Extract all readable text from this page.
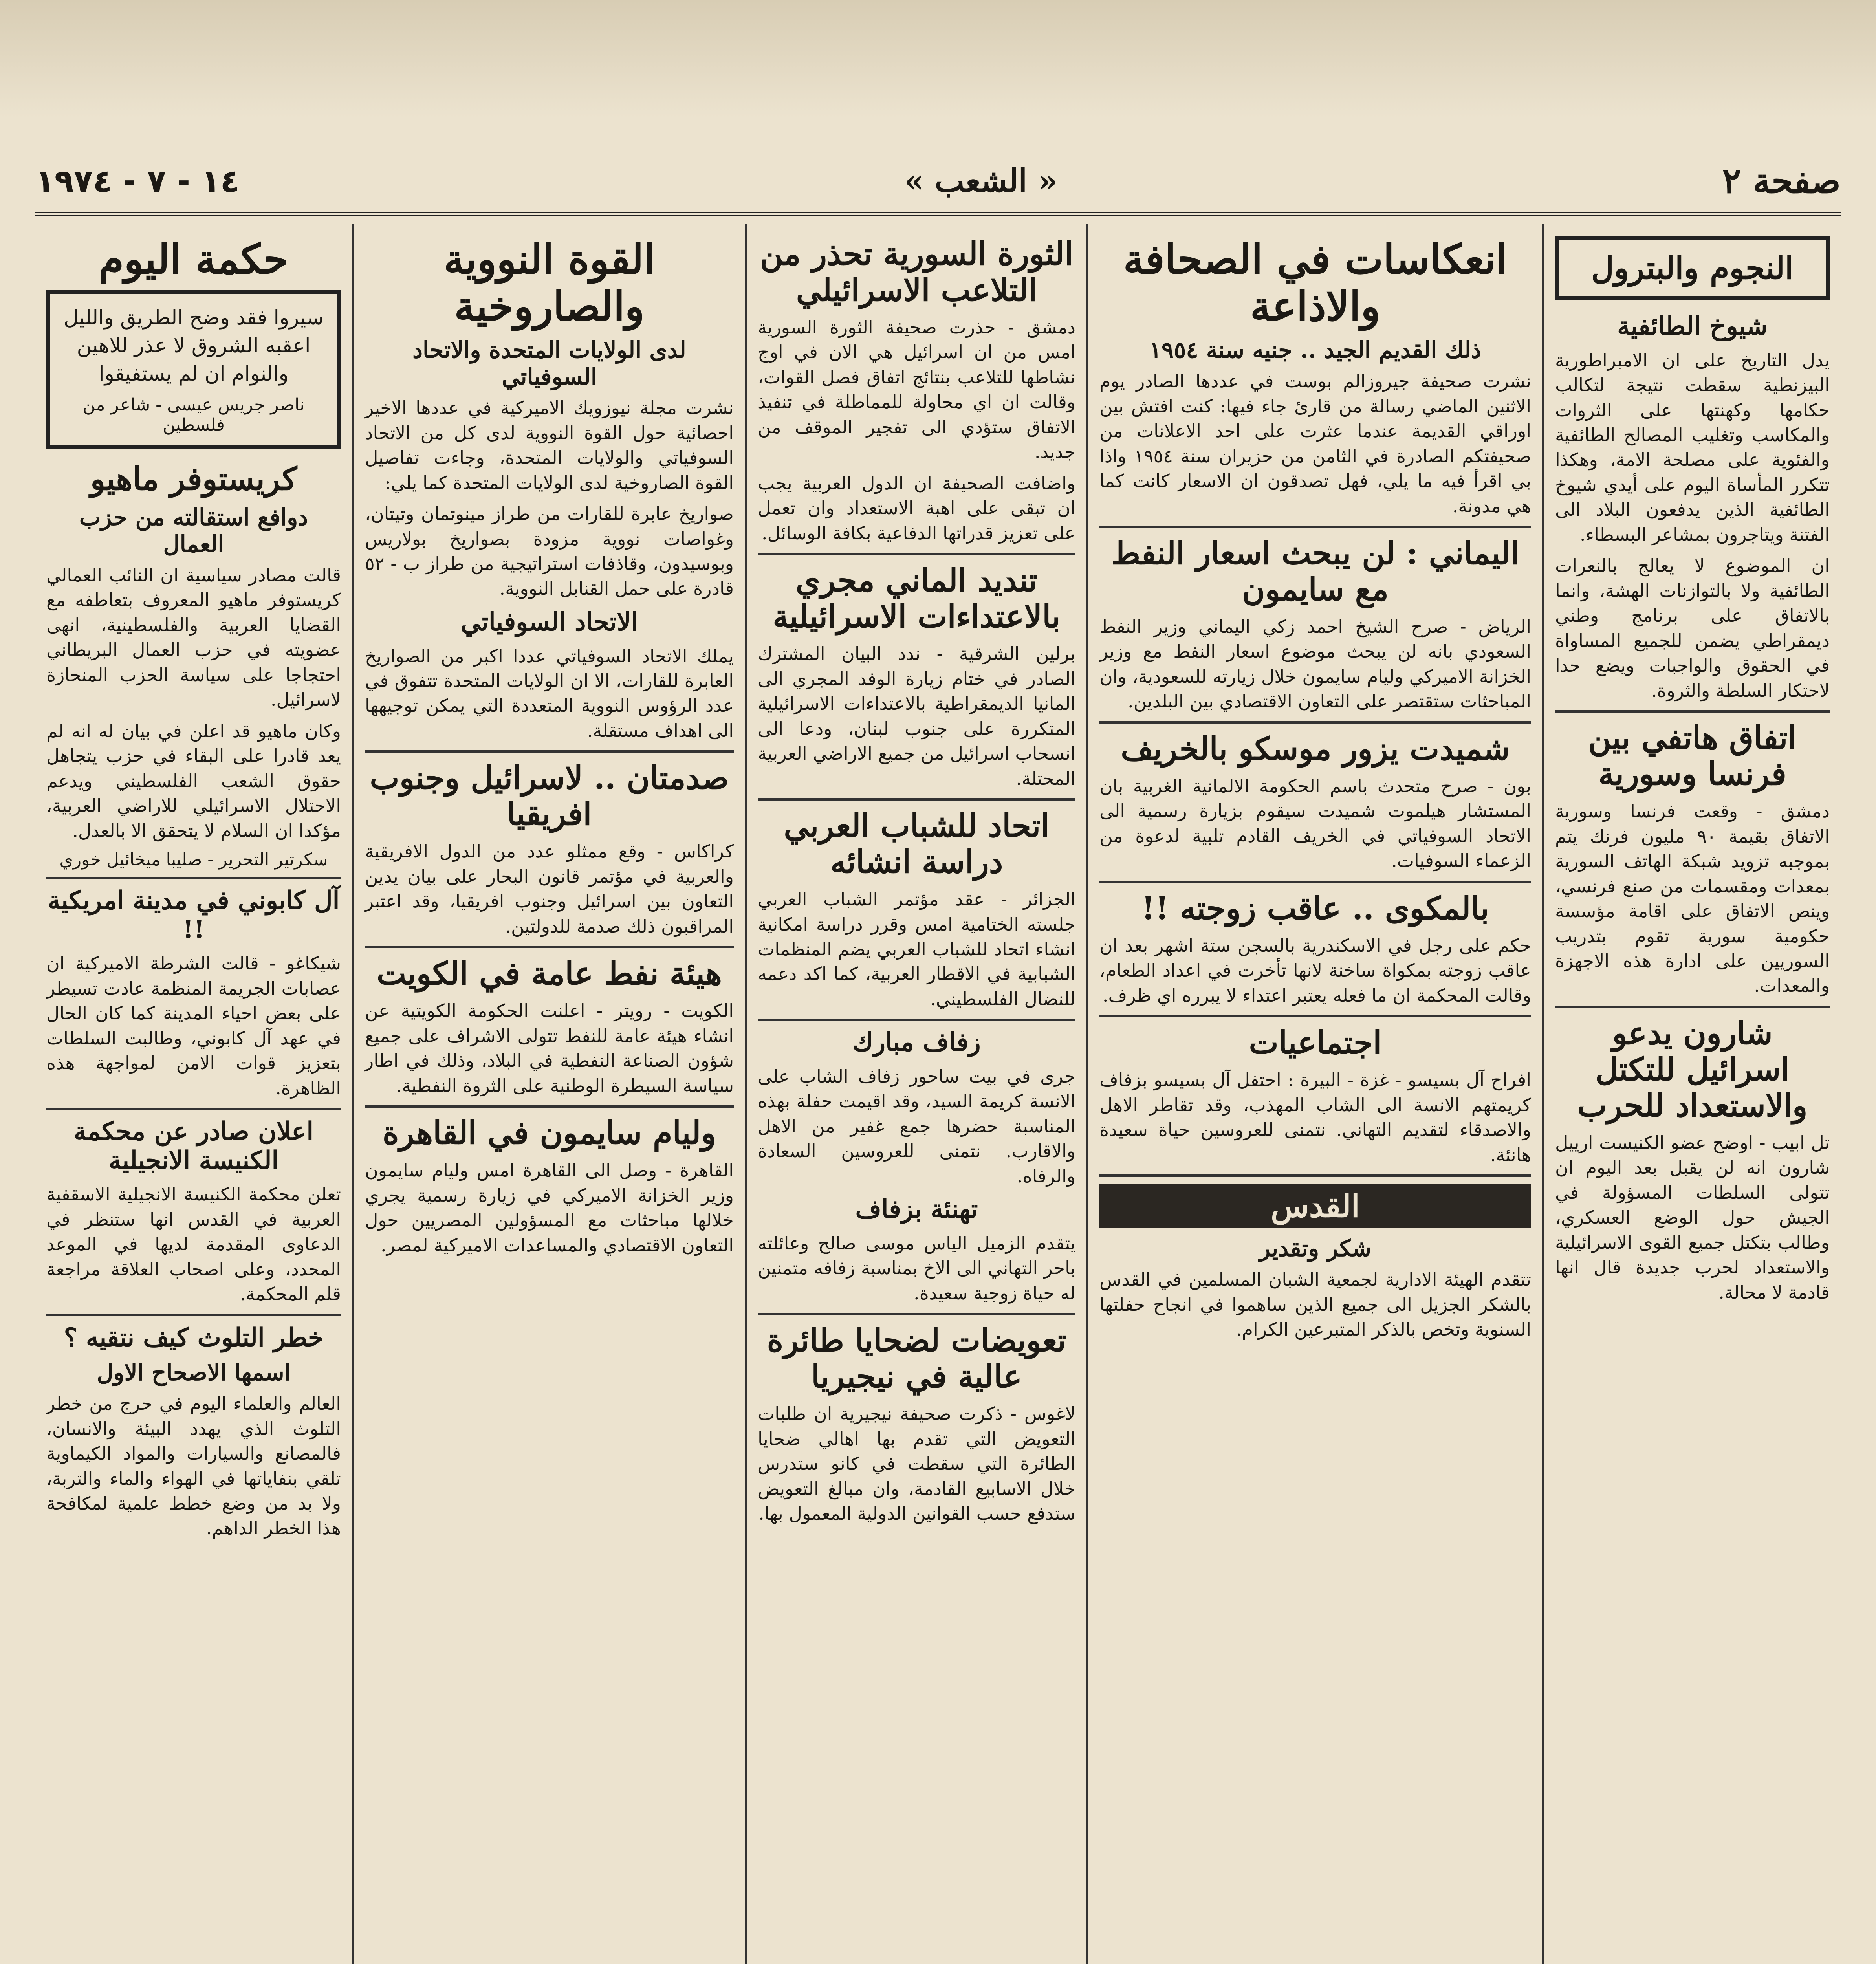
صفحة ٢
« الشعب »
١٤ - ٧ - ١٩٧٤
النجوم والبترول
شيوخ الطائفية

يدل التاريخ على ان الامبراطورية البيزنطية سقطت نتيجة لتكالب حكامها وكهنتها على الثروات والمكاسب وتغليب المصالح الطائفية والفئوية على مصلحة الامة، وهكذا تتكرر المأساة اليوم على أيدي شيوخ الطائفية الذين يدفعون البلاد الى الفتنة ويتاجرون بمشاعر البسطاء.

ان الموضوع لا يعالج بالنعرات الطائفية ولا بالتوازنات الهشة، وانما بالاتفاق على برنامج وطني ديمقراطي يضمن للجميع المساواة في الحقوق والواجبات ويضع حدا لاحتكار السلطة والثروة.

اتفاق هاتفي بين فرنسا وسورية

دمشق - وقعت فرنسا وسورية الاتفاق بقيمة ٩٠ مليون فرنك يتم بموجبه تزويد شبكة الهاتف السورية بمعدات ومقسمات من صنع فرنسي، وينص الاتفاق على اقامة مؤسسة حكومية سورية تقوم بتدريب السوريين على ادارة هذه الاجهزة والمعدات.

شارون يدعو اسرائيل للتكتل والاستعداد للحرب

تل ابيب - اوضح عضو الكنيست ارييل شارون انه لن يقبل بعد اليوم ان تتولى السلطات المسؤولة في الجيش حول الوضع العسكري، وطالب بتكتل جميع القوى الاسرائيلية والاستعداد لحرب جديدة قال انها قادمة لا محالة.

انعكاسات في الصحافة والاذاعة
ذلك القديم الجيد .. جنيه سنة ١٩٥٤

نشرت صحيفة جيروزالم بوست في عددها الصادر يوم الاثنين الماضي رسالة من قارئ جاء فيها: كنت افتش بين اوراقي القديمة عندما عثرت على احد الاعلانات من صحيفتكم الصادرة في الثامن من حزيران سنة ١٩٥٤ واذا بي اقرأ فيه ما يلي، فهل تصدقون ان الاسعار كانت كما هي مدونة.

اليماني : لن يبحث اسعار النفط مع سايمون

الرياض - صرح الشيخ احمد زكي اليماني وزير النفط السعودي بانه لن يبحث موضوع اسعار النفط مع وزير الخزانة الاميركي وليام سايمون خلال زيارته للسعودية، وان المباحثات ستقتصر على التعاون الاقتصادي بين البلدين.

شميدت يزور موسكو بالخريف

بون - صرح متحدث باسم الحكومة الالمانية الغربية بان المستشار هيلموت شميدت سيقوم بزيارة رسمية الى الاتحاد السوفياتي في الخريف القادم تلبية لدعوة من الزعماء السوفيات.

بالمكوى .. عاقب زوجته !!

حكم على رجل في الاسكندرية بالسجن ستة اشهر بعد ان عاقب زوجته بمكواة ساخنة لانها تأخرت في اعداد الطعام، وقالت المحكمة ان ما فعله يعتبر اعتداء لا يبرره اي ظرف.

اجتماعيات

افراح آل بسيسو - غزة - البيرة : احتفل آل بسيسو بزفاف كريمتهم الانسة الى الشاب المهذب، وقد تقاطر الاهل والاصدقاء لتقديم التهاني. نتمنى للعروسين حياة سعيدة هانئة.

القدس
شكر وتقدير

تتقدم الهيئة الادارية لجمعية الشبان المسلمين في القدس بالشكر الجزيل الى جميع الذين ساهموا في انجاح حفلتها السنوية وتخص بالذكر المتبرعين الكرام.

الثورة السورية تحذر من التلاعب الاسرائيلي

دمشق - حذرت صحيفة الثورة السورية امس من ان اسرائيل هي الان في اوج نشاطها للتلاعب بنتائج اتفاق فصل القوات، وقالت ان اي محاولة للمماطلة في تنفيذ الاتفاق ستؤدي الى تفجير الموقف من جديد.

واضافت الصحيفة ان الدول العربية يجب ان تبقى على اهبة الاستعداد وان تعمل على تعزيز قدراتها الدفاعية بكافة الوسائل.

تنديد الماني مجري بالاعتداءات الاسرائيلية

برلين الشرقية - ندد البيان المشترك الصادر في ختام زيارة الوفد المجري الى المانيا الديمقراطية بالاعتداءات الاسرائيلية المتكررة على جنوب لبنان، ودعا الى انسحاب اسرائيل من جميع الاراضي العربية المحتلة.

اتحاد للشباب العربي دراسة انشائه

الجزائر - عقد مؤتمر الشباب العربي جلسته الختامية امس وقرر دراسة امكانية انشاء اتحاد للشباب العربي يضم المنظمات الشبابية في الاقطار العربية، كما اكد دعمه للنضال الفلسطيني.

زفاف مبارك

جرى في بيت ساحور زفاف الشاب على الانسة كريمة السيد، وقد اقيمت حفلة بهذه المناسبة حضرها جمع غفير من الاهل والاقارب. نتمنى للعروسين السعادة والرفاه.

تهنئة بزفاف

يتقدم الزميل الياس موسى صالح وعائلته باحر التهاني الى الاخ بمناسبة زفافه متمنين له حياة زوجية سعيدة.

تعويضات لضحايا طائرة عالية في نيجيريا

لاغوس - ذكرت صحيفة نيجيرية ان طلبات التعويض التي تقدم بها اهالي ضحايا الطائرة التي سقطت في كانو ستدرس خلال الاسابيع القادمة، وان مبالغ التعويض ستدفع حسب القوانين الدولية المعمول بها.

القوة النووية والصاروخية
لدى الولايات المتحدة والاتحاد السوفياتي

نشرت مجلة نيوزويك الاميركية في عددها الاخير احصائية حول القوة النووية لدى كل من الاتحاد السوفياتي والولايات المتحدة، وجاءت تفاصيل القوة الصاروخية لدى الولايات المتحدة كما يلي:

صواريخ عابرة للقارات من طراز مينوتمان وتيتان، وغواصات نووية مزودة بصواريخ بولاريس وبوسيدون، وقاذفات استراتيجية من طراز ب - ٥٢ قادرة على حمل القنابل النووية.

الاتحاد السوفياتي

يملك الاتحاد السوفياتي عددا اكبر من الصواريخ العابرة للقارات، الا ان الولايات المتحدة تتفوق في عدد الرؤوس النووية المتعددة التي يمكن توجيهها الى اهداف مستقلة.

صدمتان .. لاسرائيل وجنوب افريقيا

كراكاس - وقع ممثلو عدد من الدول الافريقية والعربية في مؤتمر قانون البحار على بيان يدين التعاون بين اسرائيل وجنوب افريقيا، وقد اعتبر المراقبون ذلك صدمة للدولتين.

هيئة نفط عامة في الكويت

الكويت - رويتر - اعلنت الحكومة الكويتية عن انشاء هيئة عامة للنفط تتولى الاشراف على جميع شؤون الصناعة النفطية في البلاد، وذلك في اطار سياسة السيطرة الوطنية على الثروة النفطية.

وليام سايمون في القاهرة

القاهرة - وصل الى القاهرة امس وليام سايمون وزير الخزانة الاميركي في زيارة رسمية يجري خلالها مباحثات مع المسؤولين المصريين حول التعاون الاقتصادي والمساعدات الاميركية لمصر.

حكمة اليوم

سيروا فقد وضح الطريق والليل اعقبه الشروق لا عذر للاهين والنوام ان لم يستفيقوا

ناصر جريس عيسى - شاعر من فلسطين
كريستوفر ماهيو
دوافع استقالته من حزب العمال

قالت مصادر سياسية ان النائب العمالي كريستوفر ماهيو المعروف بتعاطفه مع القضايا العربية والفلسطينية، انهى عضويته في حزب العمال البريطاني احتجاجا على سياسة الحزب المنحازة لاسرائيل.

وكان ماهيو قد اعلن في بيان له انه لم يعد قادرا على البقاء في حزب يتجاهل حقوق الشعب الفلسطيني ويدعم الاحتلال الاسرائيلي للاراضي العربية، مؤكدا ان السلام لا يتحقق الا بالعدل.

سكرتير التحرير - صليبا ميخائيل خوري
آل كابوني في مدينة امريكية !!

شيكاغو - قالت الشرطة الاميركية ان عصابات الجريمة المنظمة عادت تسيطر على بعض احياء المدينة كما كان الحال في عهد آل كابوني، وطالبت السلطات بتعزيز قوات الامن لمواجهة هذه الظاهرة.

اعلان صادر عن محكمة الكنيسة الانجيلية

تعلن محكمة الكنيسة الانجيلية الاسقفية العربية في القدس انها ستنظر في الدعاوى المقدمة لديها في الموعد المحدد، وعلى اصحاب العلاقة مراجعة قلم المحكمة.

خطر التلوث كيف نتقيه ؟
اسمها الاصحاح الاول

العالم والعلماء اليوم في حرج من خطر التلوث الذي يهدد البيئة والانسان، فالمصانع والسيارات والمواد الكيماوية تلقي بنفاياتها في الهواء والماء والتربة، ولا بد من وضع خطط علمية لمكافحة هذا الخطر الداهم.
